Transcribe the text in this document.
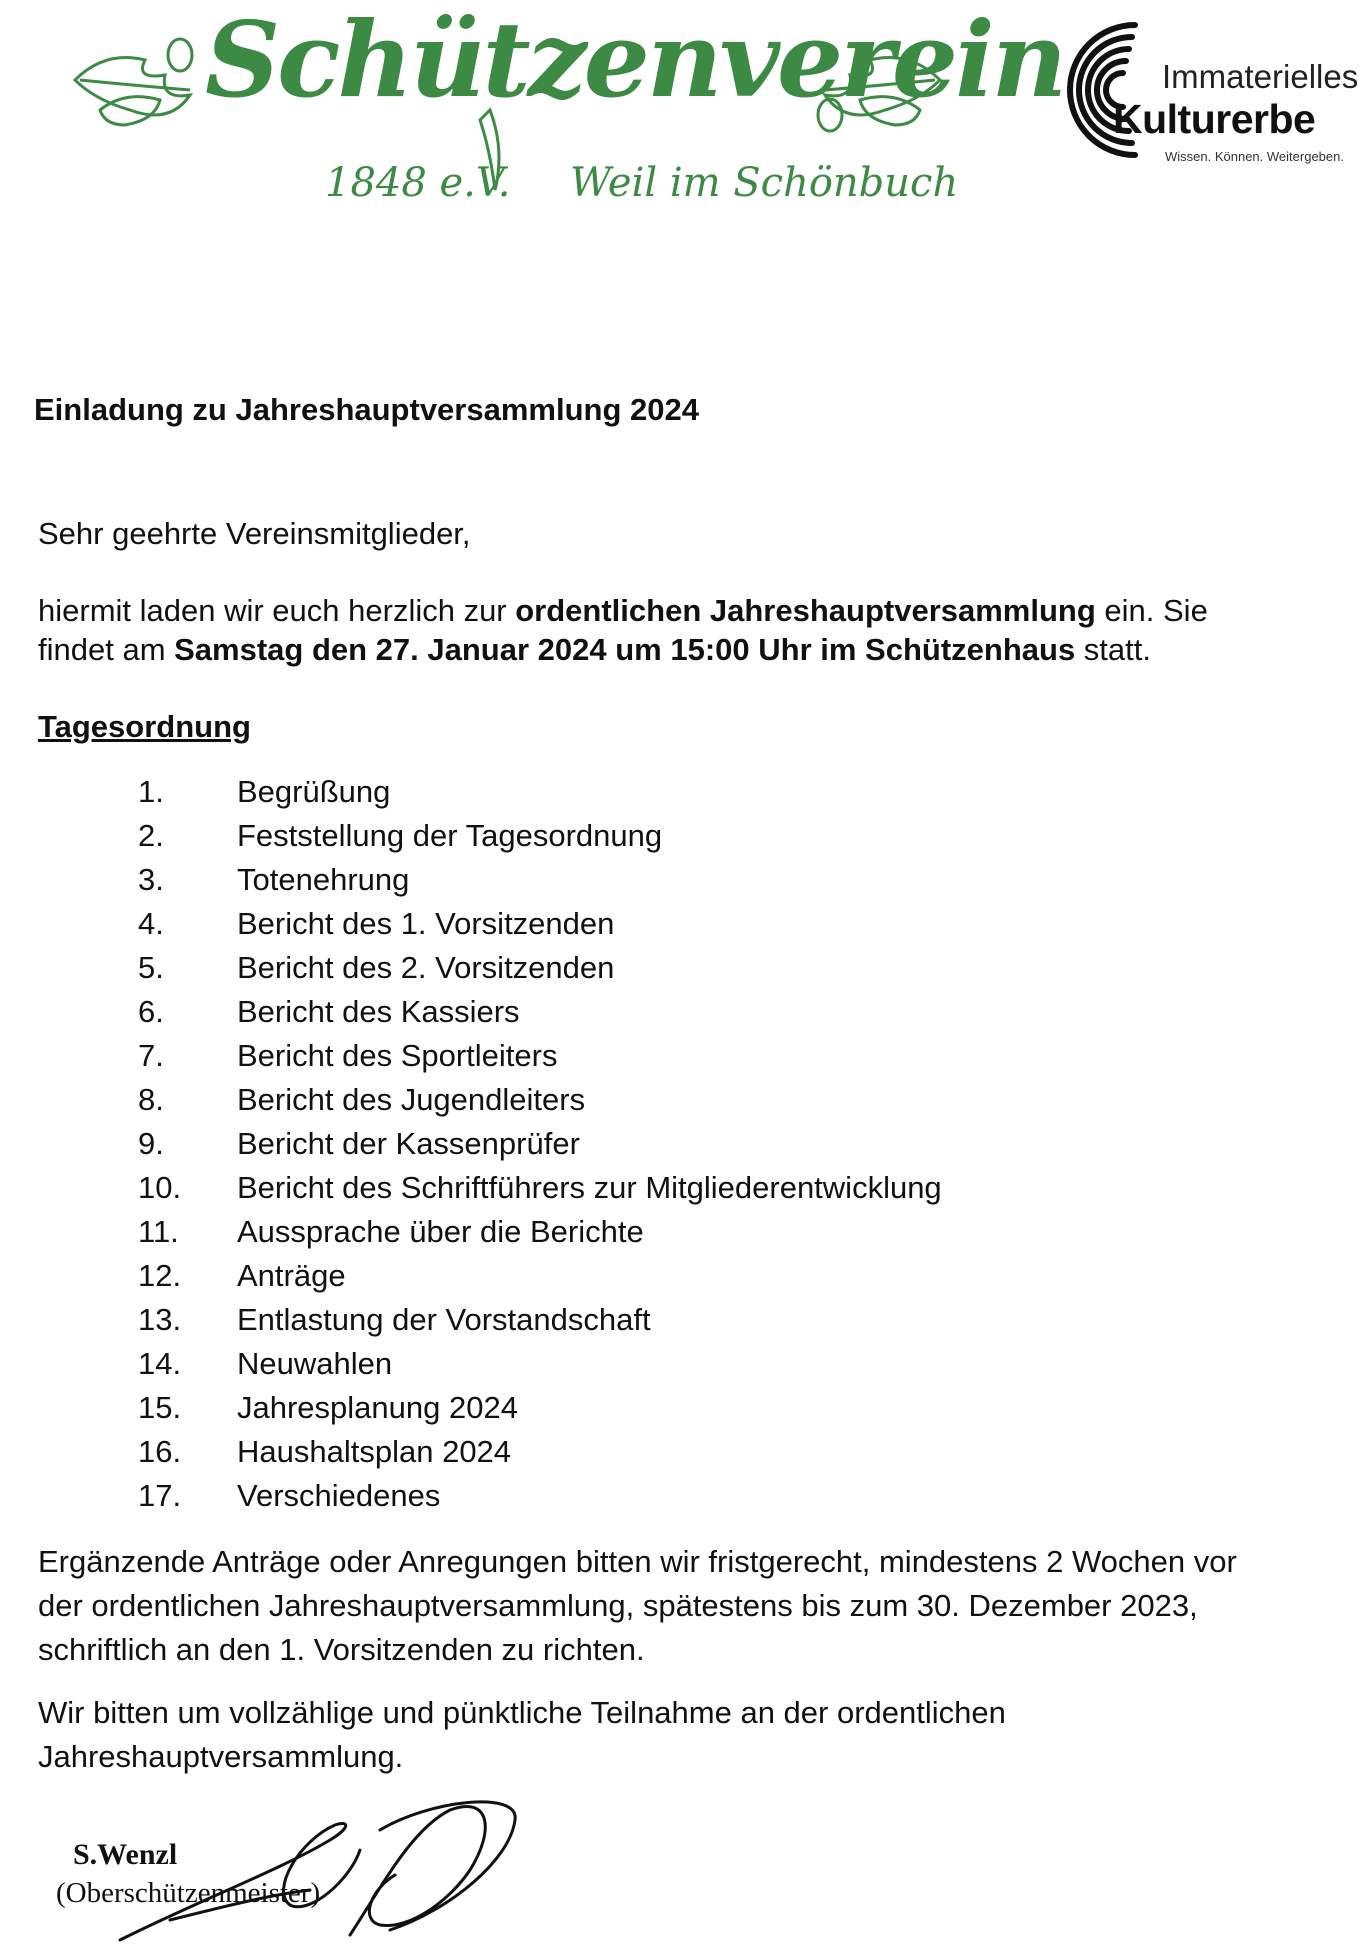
Schützenverein
1848 e.V. Weil im Schönbuch
Immaterielles
Kulturerbe
Wissen. Können. Weitergeben.
Einladung zu Jahreshauptversammlung 2024

Sehr geehrte Vereinsmitglieder,

hiermit laden wir euch herzlich zur ordentlichen Jahreshauptversammlung ein. Sie
findet am Samstag den 27. Januar 2024 um 15:00 Uhr im Schützenhaus statt.

Tagesordnung

1.	Begrüßung
2.	Feststellung der Tagesordnung
3.	Totenehrung
4.	Bericht des 1. Vorsitzenden
5.	Bericht des 2. Vorsitzenden
6.	Bericht des Kassiers
7.	Bericht des Sportleiters
8.	Bericht des Jugendleiters
9.	Bericht der Kassenprüfer
10.	Bericht des Schriftführers zur Mitgliederentwicklung
11.	Aussprache über die Berichte
12.	Anträge
13.	Entlastung der Vorstandschaft
14.	Neuwahlen
15.	Jahresplanung 2024
16.	Haushaltsplan 2024
17.	Verschiedenes

Ergänzende Anträge oder Anregungen bitten wir fristgerecht, mindestens 2 Wochen vor
der ordentlichen Jahreshauptversammlung, spätestens bis zum 30. Dezember 2023,
schriftlich an den 1. Vorsitzenden zu richten.

Wir bitten um vollzählige und pünktliche Teilnahme an der ordentlichen
Jahreshauptversammlung.

S.Wenzl
(Oberschützenmeister)
